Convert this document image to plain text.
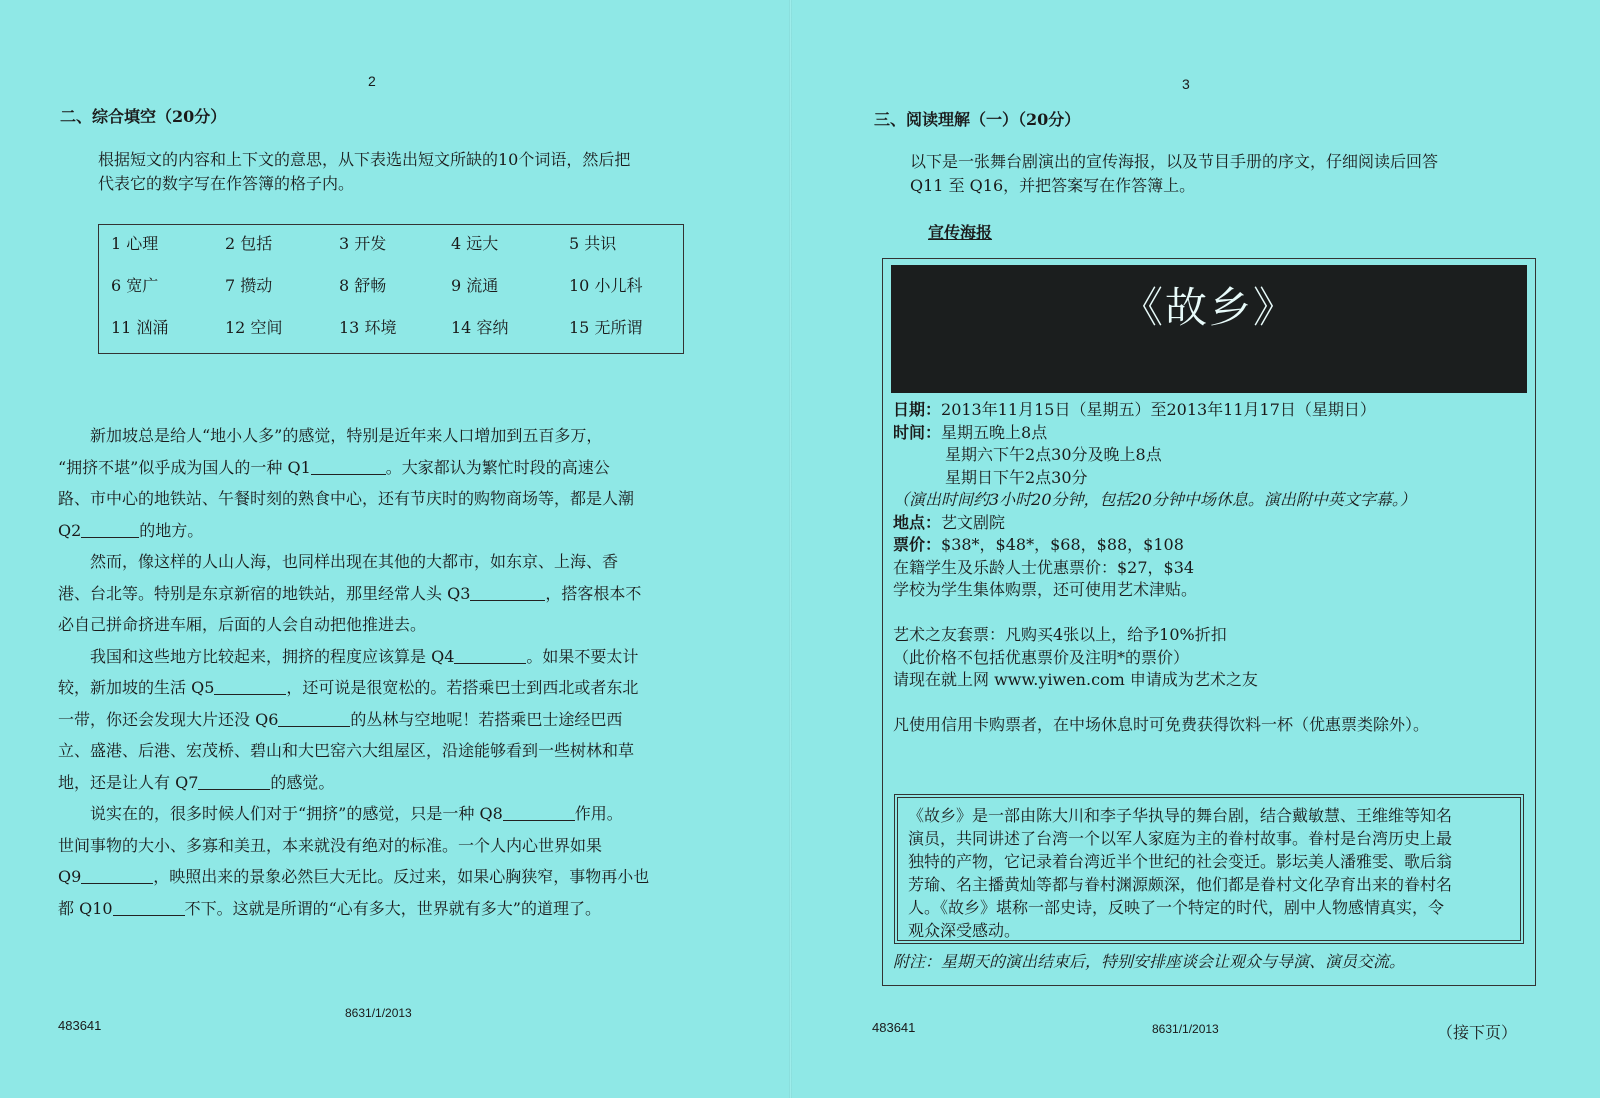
2
二、综合填空（20分）
根据短文的内容和上下文的意思，从下表选出短文所缺的10个词语，然后把
代表它的数字写在作答簿的格子内。
1 心理	2 包括	3 开发	4 远大	5 共识
6 宽广	7 攒动	8 舒畅	9 流通	10 小儿科
11 汹涌	12 空间	13 环境	14 容纳	15 无所谓
　　新加坡总是给人“地小人多”的感觉，特别是近年来人口增加到五百多万，
“拥挤不堪”似乎成为国人的一种 Q1	。大家都认为繁忙时段的高速公
路、市中心的地铁站、午餐时刻的熟食中心，还有节庆时的购物商场等，都是人潮
Q2	的地方。
　　然而，像这样的人山人海，也同样出现在其他的大都市，如东京、上海、香
港、台北等。特别是东京新宿的地铁站，那里经常人头 Q3	，搭客根本不
必自己拼命挤进车厢，后面的人会自动把他推进去。
　　我国和这些地方比较起来，拥挤的程度应该算是 Q4	。如果不要太计
较，新加坡的生活 Q5	，还可说是很宽松的。若搭乘巴士到西北或者东北
一带，你还会发现大片还没 Q6	的丛林与空地呢！若搭乘巴士途经巴西
立、盛港、后港、宏茂桥、碧山和大巴窑六大组屋区，沿途能够看到一些树林和草
地，还是让人有 Q7	的感觉。
　　说实在的，很多时候人们对于“拥挤”的感觉，只是一种 Q8	作用。
世间事物的大小、多寡和美丑，本来就没有绝对的标准。一个人内心世界如果
Q9	，映照出来的景象必然巨大无比。反过来，如果心胸狭窄，事物再小也
都 Q10	不下。这就是所谓的“心有多大，世界就有多大”的道理了。
483641
8631/1/2013
3
三、阅读理解（一）（20分）
以下是一张舞台剧演出的宣传海报，以及节目手册的序文，仔细阅读后回答
Q11 至 Q16，并把答案写在作答簿上。
宣传海报
《故乡》
日期：2013年11月15日（星期五）至2013年11月17日（星期日）
时间：星期五晚上8点
星期六下午2点30分及晚上8点
星期日下午2点30分
（演出时间约3小时20分钟，包括20分钟中场休息。演出附中英文字幕。）
地点：艺文剧院
票价：$38*，$48*，$68，$88，$108
在籍学生及乐龄人士优惠票价：$27，$34
学校为学生集体购票，还可使用艺术津贴。
艺术之友套票：凡购买4张以上，给予10%折扣
（此价格不包括优惠票价及注明*的票价）
请现在就上网 www.yiwen.com 申请成为艺术之友
凡使用信用卡购票者，在中场休息时可免费获得饮料一杯（优惠票类除外）。
《故乡》是一部由陈大川和李子华执导的舞台剧，结合戴敏慧、王维维等知名
演员，共同讲述了台湾一个以军人家庭为主的眷村故事。眷村是台湾历史上最
独特的产物，它记录着台湾近半个世纪的社会变迁。影坛美人潘雅雯、歌后翁
芳瑜、名主播黄灿等都与眷村渊源颇深，他们都是眷村文化孕育出来的眷村名
人。《故乡》堪称一部史诗，反映了一个特定的时代，剧中人物感情真实，令
观众深受感动。
附注：星期天的演出结束后，特别安排座谈会让观众与导演、演员交流。
（接下页）
483641	8631/1/2013
